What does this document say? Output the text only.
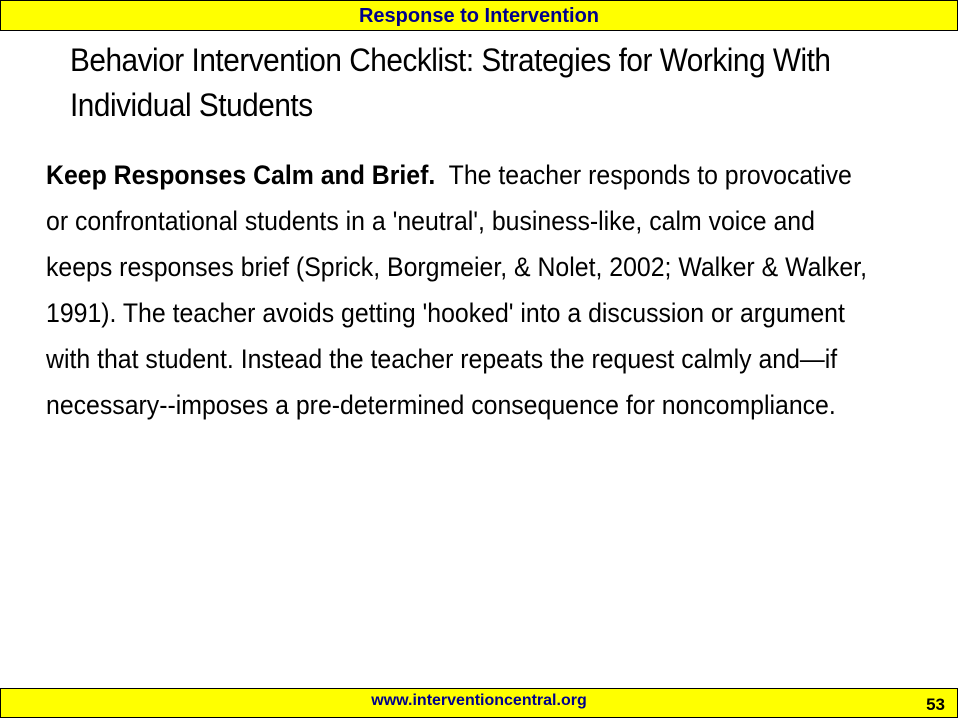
Response to Intervention
Behavior Intervention Checklist: Strategies for Working With Individual Students

Keep Responses Calm and Brief. The teacher responds to provocative or confrontational students in a 'neutral', business-like, calm voice and keeps responses brief (Sprick, Borgmeier, & Nolet, 2002; Walker & Walker, 1991). The teacher avoids getting 'hooked' into a discussion or argument with that student. Instead the teacher repeats the request calmly and—if necessary--imposes a pre-determined consequence for noncompliance.

www.interventioncentral.org	53
